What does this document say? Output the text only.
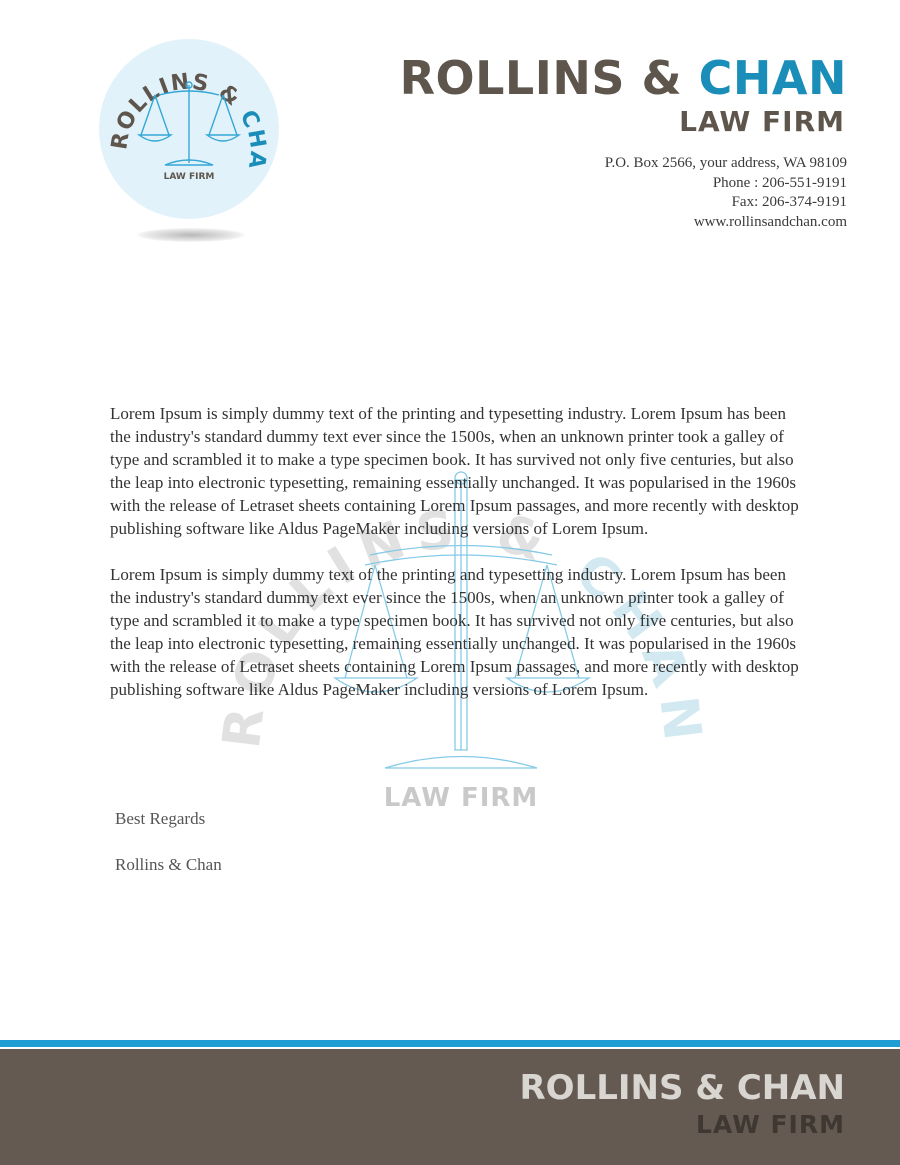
ROLLINS & CHA
LAW FIRM
ROLLINS & CHAN
LAW FIRM
P.O. Box 2566, your address, WA 98109
Phone : 206-551-9191
Fax: 206-374-9191
www.rollinsandchan.com
ROLLINS & CHAN
LAW FIRM

Lorem Ipsum is simply dummy text of the printing and typesetting industry. Lorem Ipsum has been the industry's standard dummy text ever since the 1500s, when an unknown printer took a galley of type and scrambled it to make a type specimen book. It has survived not only five centuries, but also the leap into electronic typesetting, remaining essentially unchanged. It was popularised in the 1960s with the release of Letraset sheets containing Lorem Ipsum passages, and more recently with desktop publishing software like Aldus PageMaker including versions of Lorem Ipsum.

Lorem Ipsum is simply dummy text of the printing and typesetting industry. Lorem Ipsum has been the industry's standard dummy text ever since the 1500s, when an unknown printer took a galley of type and scrambled it to make a type specimen book. It has survived not only five centuries, but also the leap into electronic typesetting, remaining essentially unchanged. It was popularised in the 1960s with the release of Letraset sheets containing Lorem Ipsum passages, and more recently with desktop publishing software like Aldus PageMaker including versions of Lorem Ipsum.

Best Regards
Rollins & Chan
ROLLINS & CHAN
LAW FIRM
